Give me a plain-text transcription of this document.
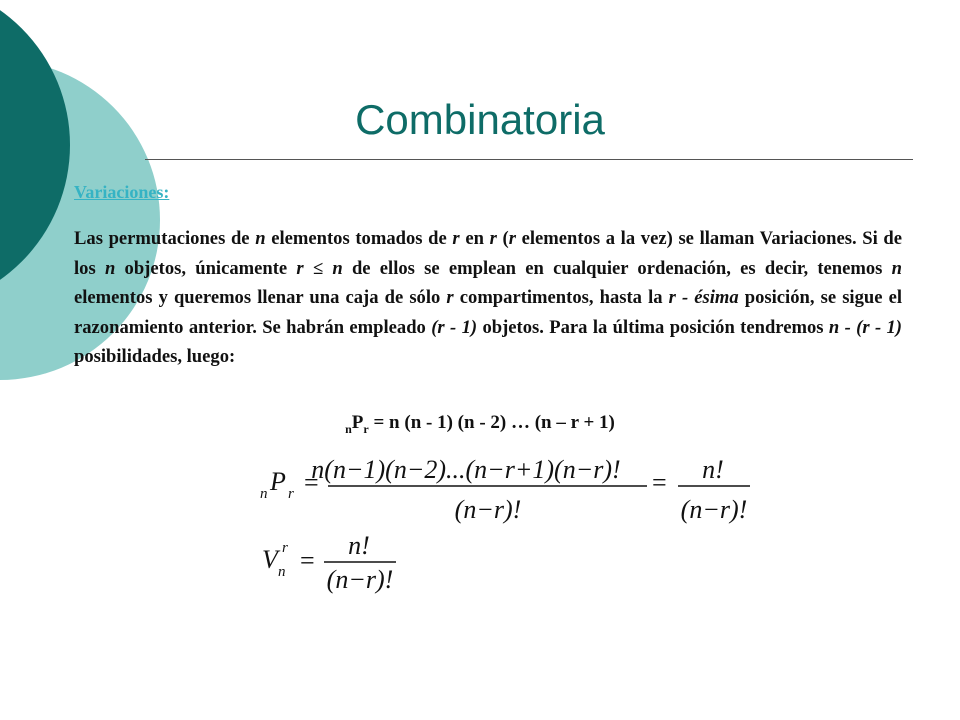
Combinatoria
Variaciones:
Las permutaciones de n elementos tomados de r en r (r elementos a la vez) se llaman Variaciones. Si de los n objetos, únicamente r ≤ n de ellos se emplean en cualquier ordenación, es decir, tenemos n elementos y queremos llenar una caja de sólo r compartimentos, hasta la r - ésima posición, se sigue el razonamiento anterior. Se habrán empleado (r - 1) objetos. Para la última posición tendremos n - (r - 1) posibilidades, luego:
$_nP_r = n$ (n - 1) (n - 2) … (n – r + 1)
n P r =
n(n−1)(n−2)...(n−r+1)(n−r)!
(n−r)!
= n!
(n−r)!
V r
n =
n!
(n−r)!
